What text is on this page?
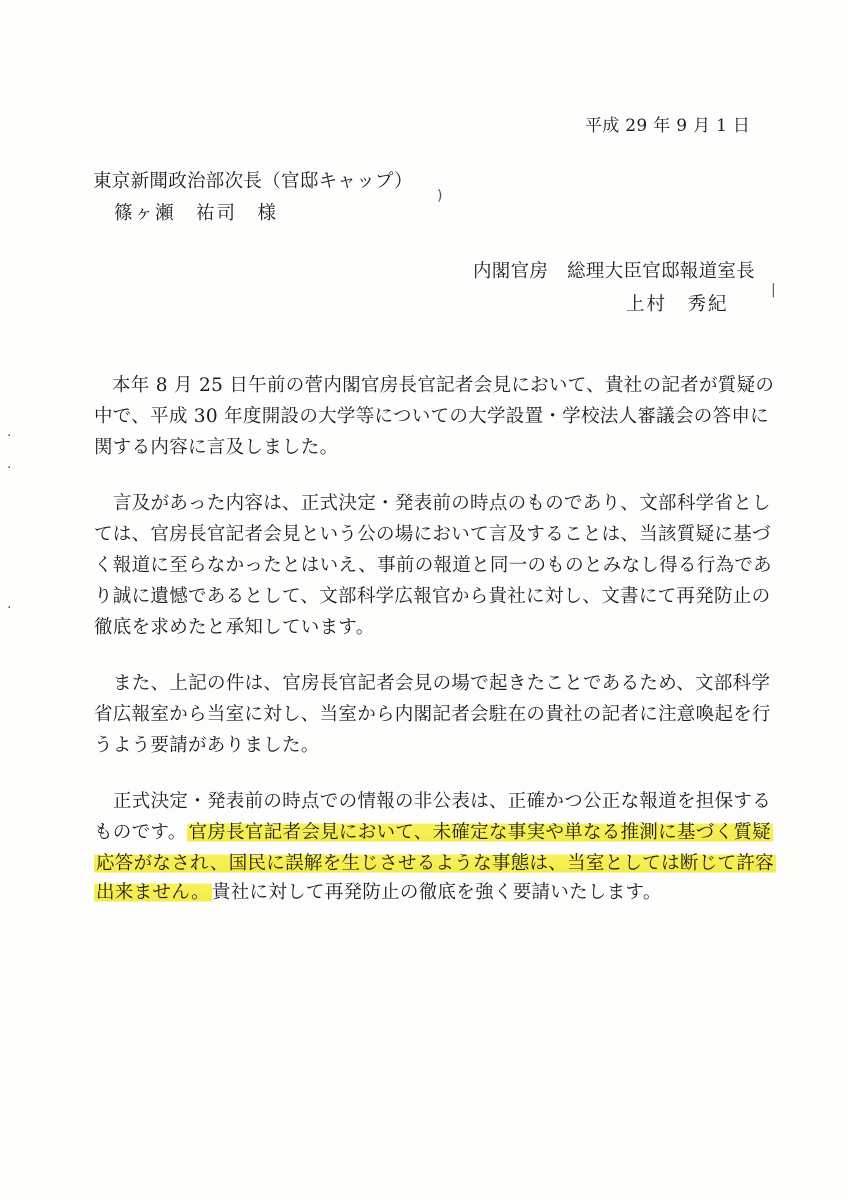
平成 29 年 9 月 1 日
東京新聞政治部次長（官邸キャップ）
篠ヶ瀬　祐司　様
内閣官房　総理大臣官邸報道室長
上村　秀紀
本年 8 月 25 日午前の菅内閣官房長官記者会見において、貴社の記者が質疑の
中で、平成 30 年度開設の大学等についての大学設置・学校法人審議会の答申に
関する内容に言及しました。
言及があった内容は、正式決定・発表前の時点のものであり、文部科学省とし
ては、官房長官記者会見という公の場において言及することは、当該質疑に基づ
く報道に至らなかったとはいえ、事前の報道と同一のものとみなし得る行為であ
り誠に遺憾であるとして、文部科学広報官から貴社に対し、文書にて再発防止の
徹底を求めたと承知しています。
また、上記の件は、官房長官記者会見の場で起きたことであるため、文部科学
省広報室から当室に対し、当室から内閣記者会駐在の貴社の記者に注意喚起を行
うよう要請がありました。
正式決定・発表前の時点での情報の非公表は、正確かつ公正な報道を担保する
ものです。 官房長官記者会見において、未確定な事実や単なる推測に基づく質疑
応答がなされ、国民に誤解を生じさせるような事態は、当室としては断じて許容
出来ません。 貴社に対して再発防止の徹底を強く要請いたします。
)
|
·
·
·
